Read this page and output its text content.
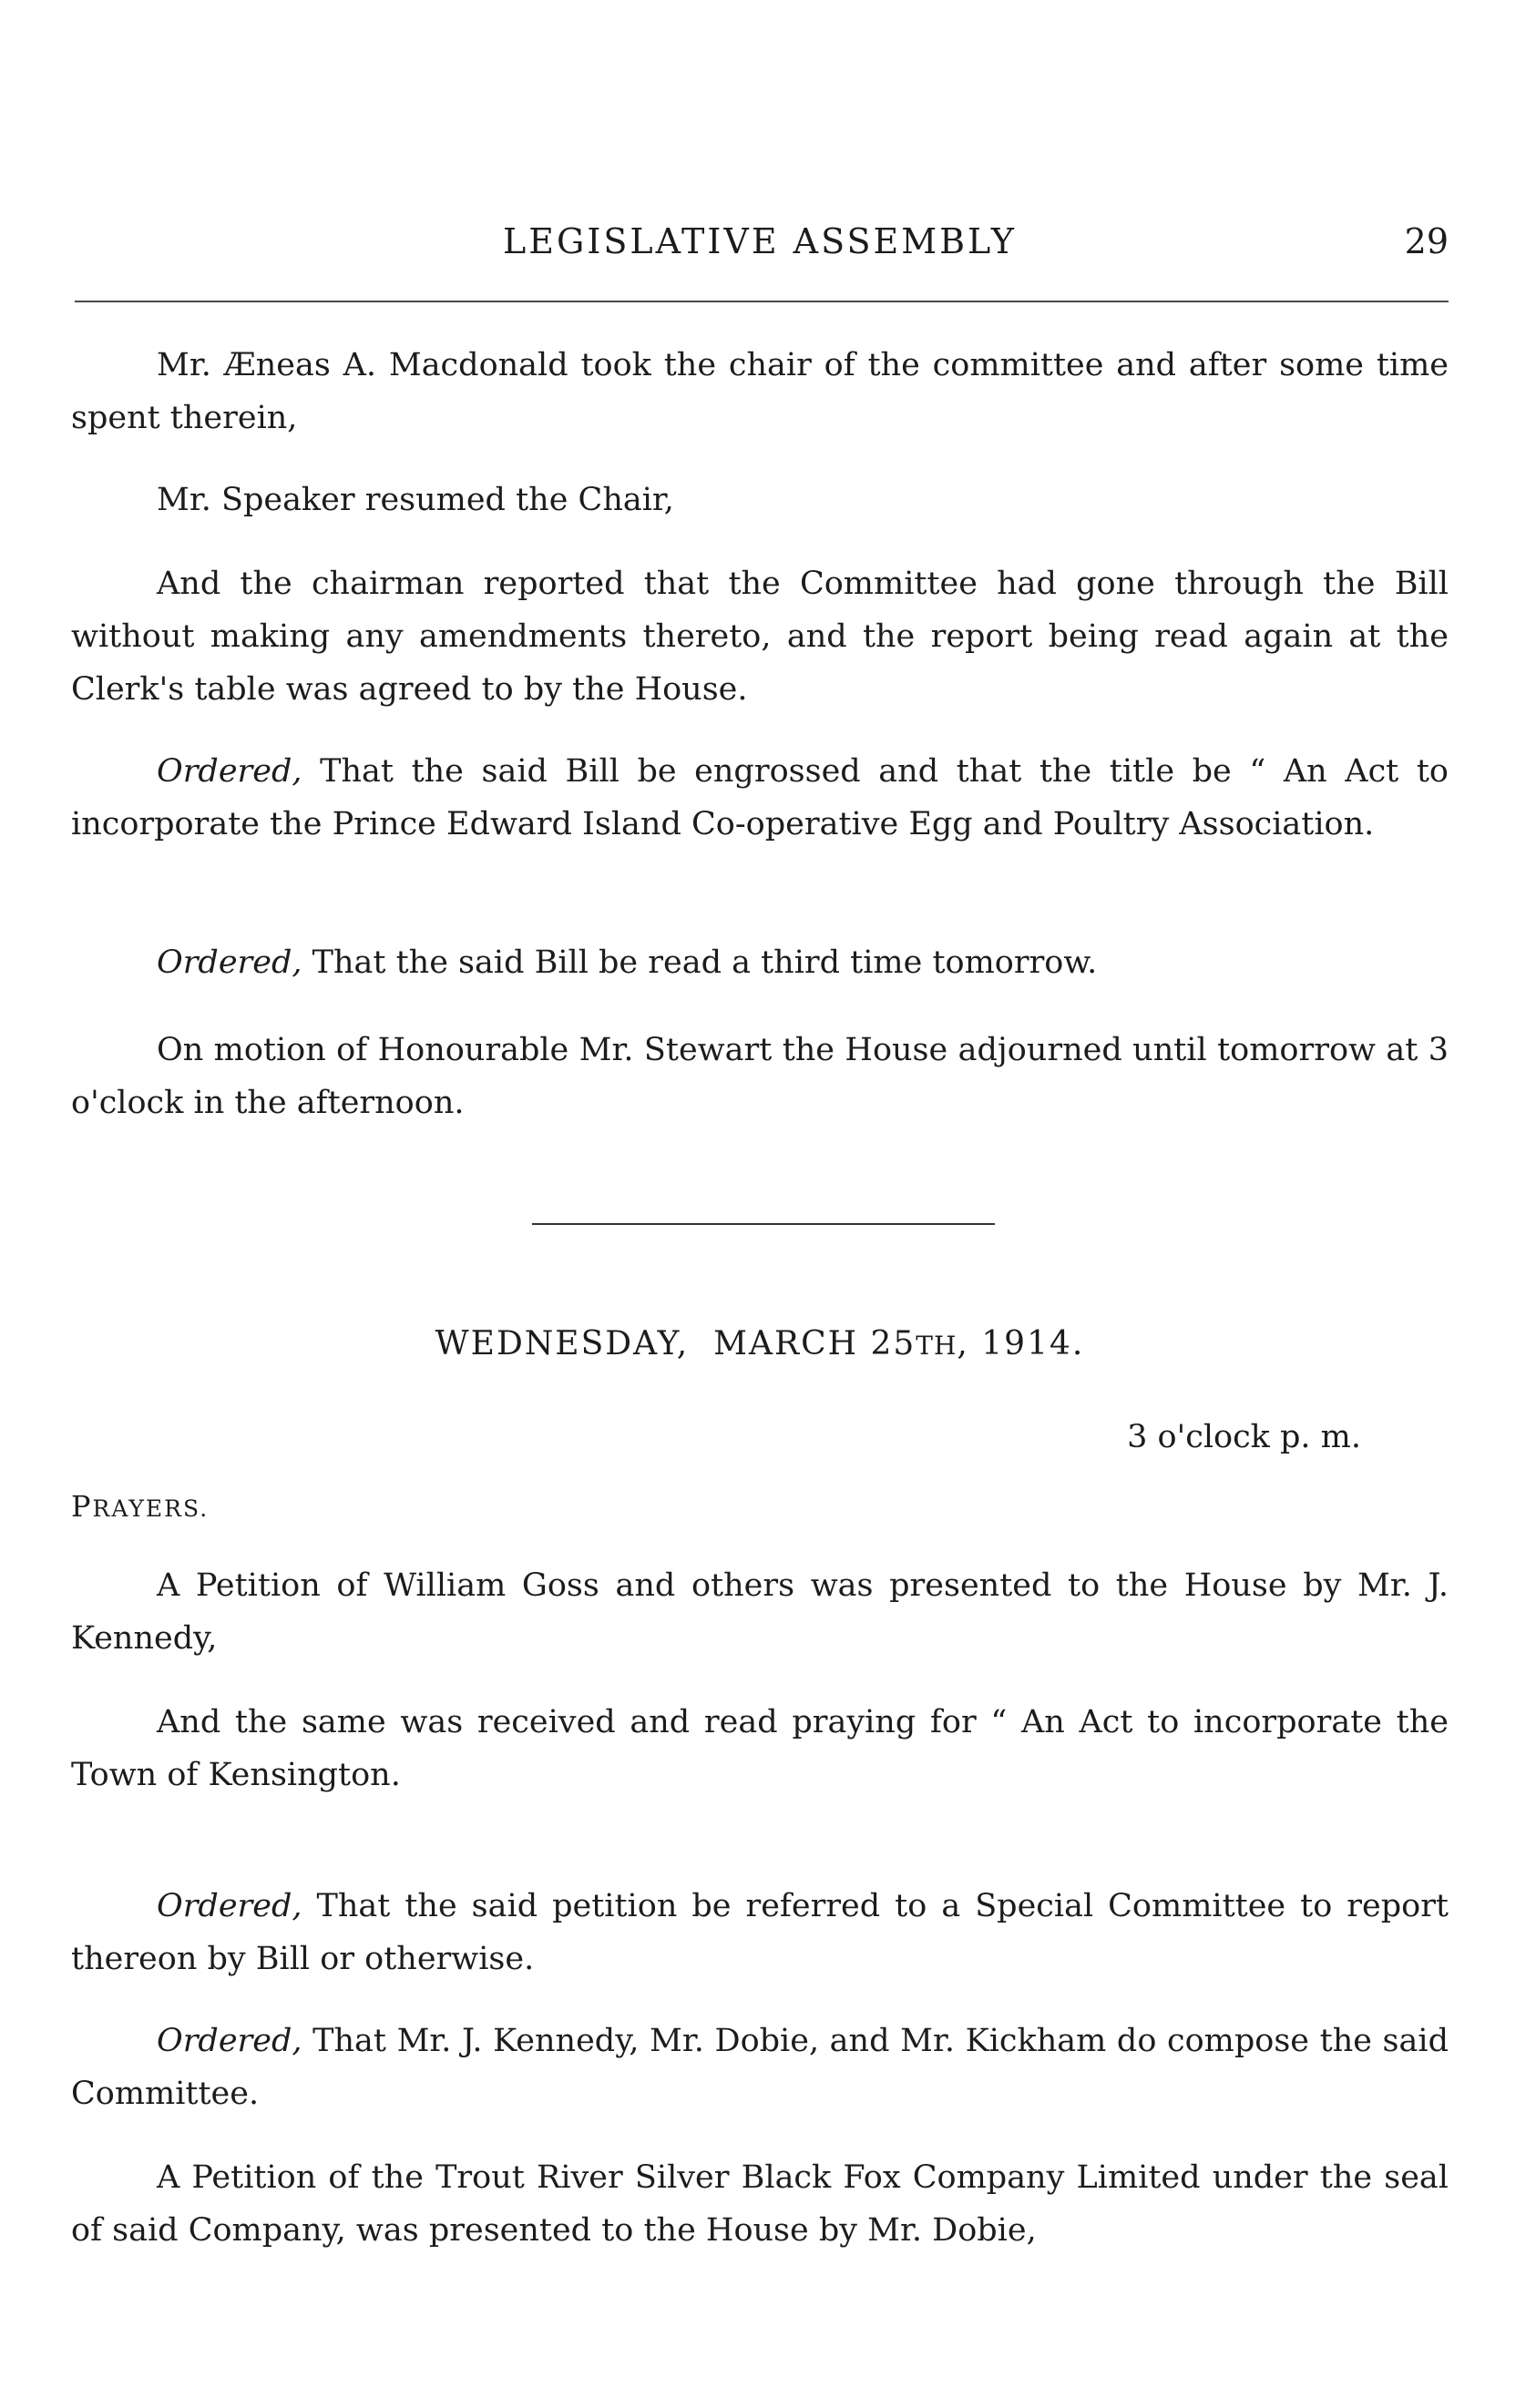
LEGISLATIVE ASSEMBLY	29

Mr. Æneas A. Macdonald took the chair of the committee and after some time spent therein,

Mr. Speaker resumed the Chair,

And the chairman reported that the Committee had gone through the Bill without making any amendments thereto, and the report being read again at the Clerk's table was agreed to by the House.

Ordered, That the said Bill be engrossed and that the title be “ An Act to incorporate the Prince Edward Island Co-operative Egg and Poultry Association.

Ordered, That the said Bill be read a third time tomorrow.

On motion of Honourable Mr. Stewart the House adjourned until tomorrow at 3 o'clock in the afternoon.

WEDNESDAY, MARCH 25TH, 1914.
3 o'clock p. m.
PRAYERS.

A Petition of William Goss and others was presented to the House by Mr. J. Kennedy,

And the same was received and read praying for “ An Act to incorporate the Town of Kensington.

Ordered, That the said petition be referred to a Special Committee to report thereon by Bill or otherwise.

Ordered, That Mr. J. Kennedy, Mr. Dobie, and Mr. Kickham do compose the said Committee.

A Petition of the Trout River Silver Black Fox Company Limited under the seal of said Company, was presented to the House by Mr. Dobie,
